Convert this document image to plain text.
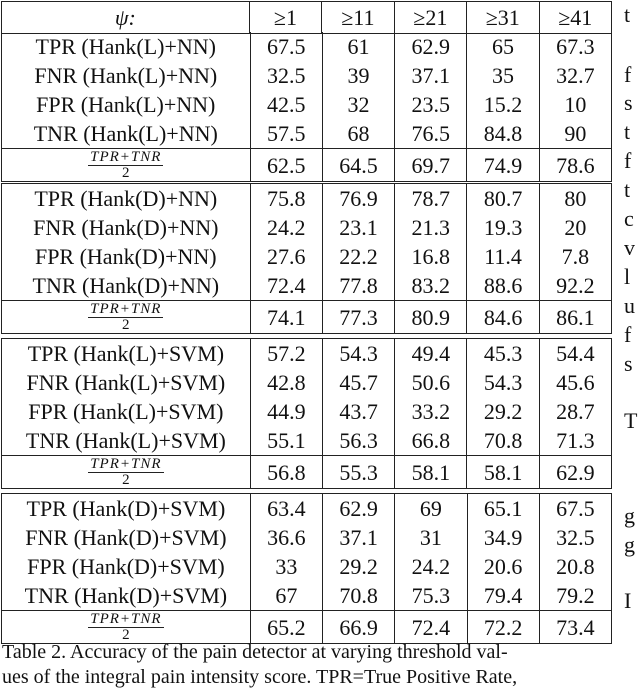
ψ:	≥1	≥11	≥21	≥31	≥41
TPR (Hank(L)+NN)	67.5	61	62.9	65	67.3
FNR (Hank(L)+NN)	32.5	39	37.1	35	32.7
FPR (Hank(L)+NN)	42.5	32	23.5	15.2	10
TNR (Hank(L)+NN)	57.5	68	76.5	84.8	90

$\frac{\text{TPR+TNR}}{2}$	62.5	64.5	69.7	74.9	78.6
TPR (Hank(D)+NN)	75.8	76.9	78.7	80.7	80
FNR (Hank(D)+NN)	24.2	23.1	21.3	19.3	20
FPR (Hank(D)+NN)	27.6	22.2	16.8	11.4	7.8
TNR (Hank(D)+NN)	72.4	77.8	83.2	88.6	92.2

$\frac{\text{TPR+TNR}}{2}$	74.1	77.3	80.9	84.6	86.1
TPR (Hank(L)+SVM)	57.2	54.3	49.4	45.3	54.4
FNR (Hank(L)+SVM)	42.8	45.7	50.6	54.3	45.6
FPR (Hank(L)+SVM)	44.9	43.7	33.2	29.2	28.7
TNR (Hank(L)+SVM)	55.1	56.3	66.8	70.8	71.3

$\frac{\text{TPR+TNR}}{2}$	56.8	55.3	58.1	58.1	62.9
TPR (Hank(D)+SVM)	63.4	62.9	69	65.1	67.5
FNR (Hank(D)+SVM)	36.6	37.1	31	34.9	32.5
FPR (Hank(D)+SVM)	33	29.2	24.2	20.6	20.8
TNR (Hank(D)+SVM)	67	70.8	75.3	79.4	79.2

$\frac{\text{TPR+TNR}}{2}$	65.2	66.9	72.4	72.2	73.4
Table 2. Accuracy of the pain detector at varying threshold val-
ues of the integral pain intensity score. TPR=True Positive Rate,
t
f
s
t
f
t
c
v
l
u
f
s
T
g
g
I
